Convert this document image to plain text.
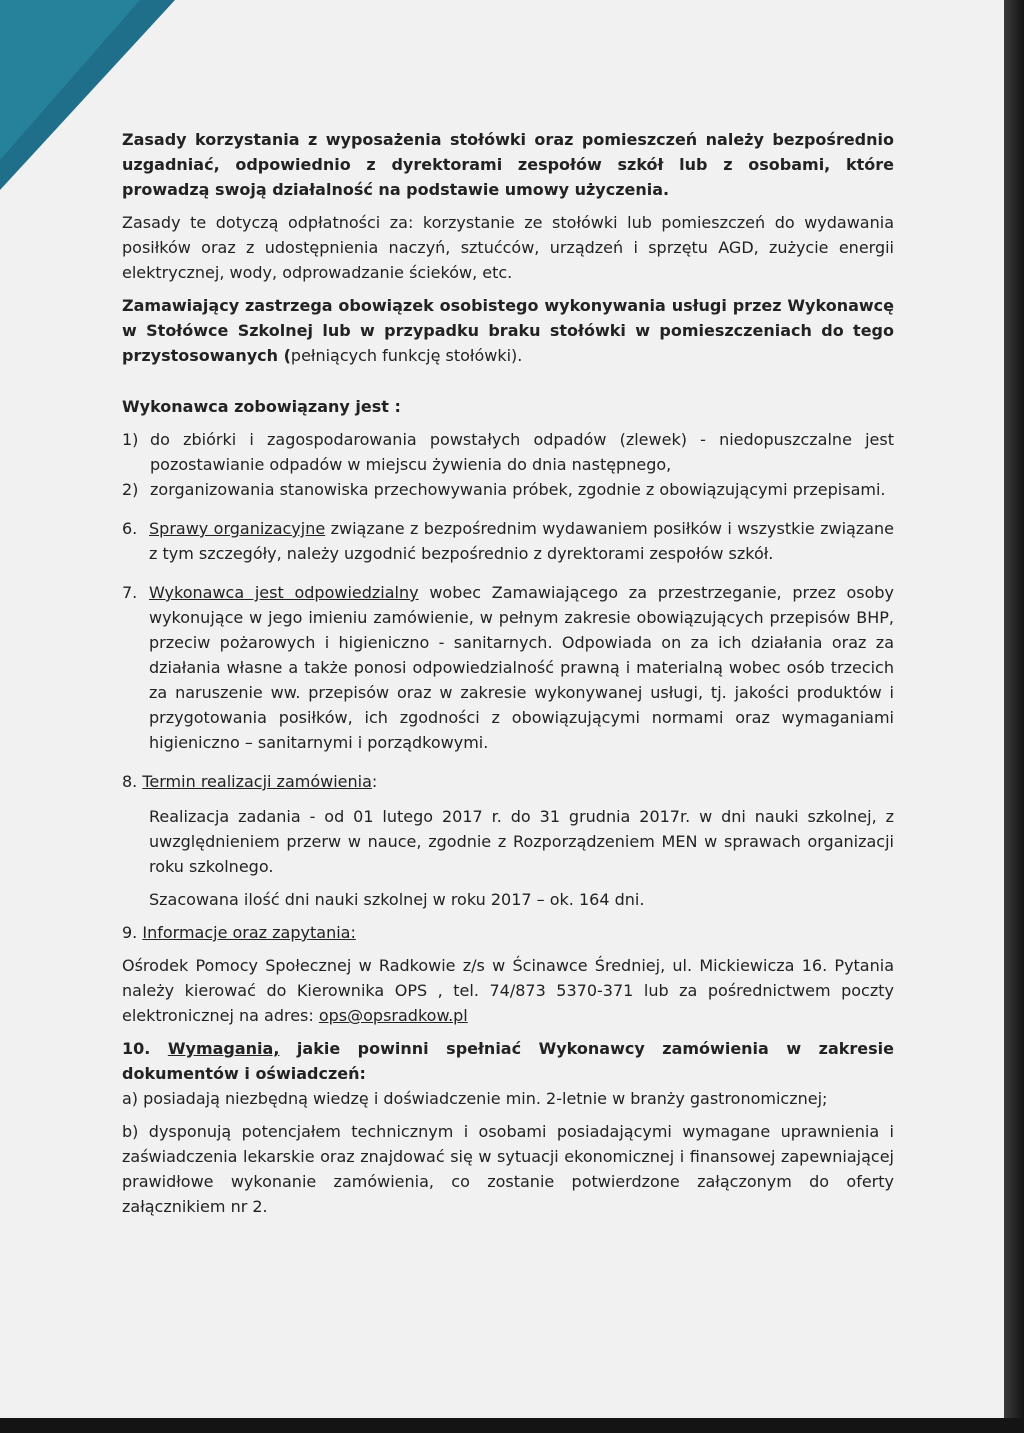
Zasady korzystania z wyposażenia stołówki oraz pomieszczeń należy bezpośrednio uzgadniać, odpowiednio z dyrektorami zespołów szkół lub z osobami, które prowadzą swoją działalność na podstawie umowy użyczenia.

Zasady te dotyczą odpłatności za: korzystanie ze stołówki lub pomieszczeń do wydawania posiłków oraz z udostępnienia naczyń, sztućców, urządzeń i sprzętu AGD, zużycie energii elektrycznej, wody, odprowadzanie ścieków, etc.

Zamawiający zastrzega obowiązek osobistego wykonywania usługi przez Wykonawcę w Stołówce Szkolnej lub w przypadku braku stołówki w pomieszczeniach do tego przystosowanych (pełniących funkcję stołówki).

Wykonawca zobowiązany jest :

1) do zbiórki i zagospodarowania powstałych odpadów (zlewek) - niedopuszczalne jest pozostawianie odpadów w miejscu żywienia do dnia następnego,
2) zorganizowania stanowiska przechowywania próbek, zgodnie z obowiązującymi przepisami.
6. Sprawy organizacyjne związane z bezpośrednim wydawaniem posiłków i wszystkie związane z tym szczegóły, należy uzgodnić bezpośrednio z dyrektorami zespołów szkół.

7. Wykonawca jest odpowiedzialny wobec Zamawiającego za przestrzeganie, przez osoby wykonujące w jego imieniu zamówienie, w pełnym zakresie obowiązujących przepisów BHP, przeciw pożarowych i higieniczno - sanitarnych. Odpowiada on za ich działania oraz za działania własne a także ponosi odpowiedzialność prawną i materialną wobec osób trzecich za naruszenie ww. przepisów oraz w zakresie wykonywanej usługi, tj. jakości produktów i przygotowania posiłków, ich zgodności z obowiązującymi normami oraz wymaganiami higieniczno – sanitarnymi i porządkowymi.

8. Termin realizacji zamówienia:

Realizacja zadania - od 01 lutego 2017 r. do 31 grudnia 2017r. w dni nauki szkolnej, z uwzględnieniem przerw w nauce, zgodnie z Rozporządzeniem MEN w sprawach organizacji roku szkolnego.

Szacowana ilość dni nauki szkolnej w roku 2017 – ok. 164 dni.

9. Informacje oraz zapytania:

Ośrodek Pomocy Społecznej w Radkowie z/s w Ścinawce Średniej, ul. Mickiewicza 16. Pytania należy kierować do Kierownika OPS , tel. 74/873 5370-371 lub za pośrednictwem poczty elektronicznej na adres: ops@opsradkow.pl

10. Wymagania, jakie powinni spełniać Wykonawcy zamówienia w zakresie dokumentów i oświadczeń:

a) posiadają niezbędną wiedzę i doświadczenie min. 2-letnie w branży gastronomicznej;

b) dysponują potencjałem technicznym i osobami posiadającymi wymagane uprawnienia i zaświadczenia lekarskie oraz znajdować się w sytuacji ekonomicznej i finansowej zapewniającej prawidłowe wykonanie zamówienia, co zostanie potwierdzone załączonym do oferty załącznikiem nr 2.
